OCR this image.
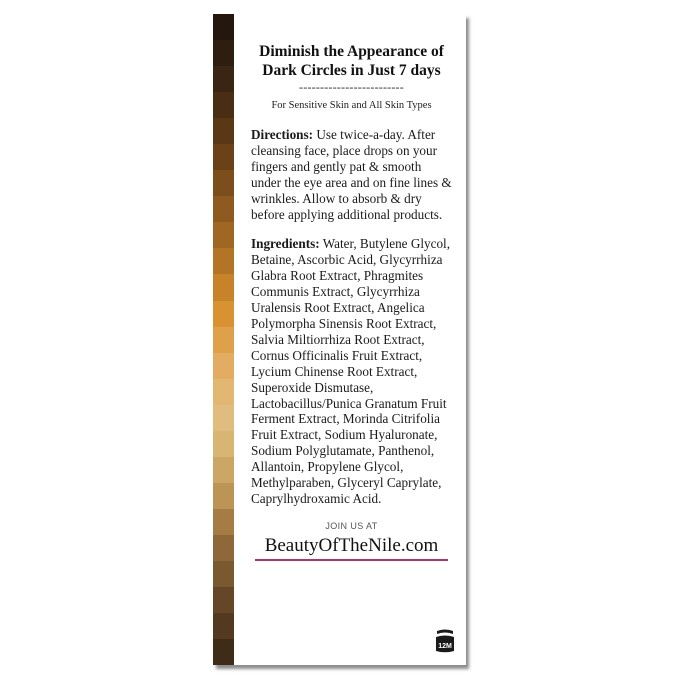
Diminish the Appearance of
Dark Circles in Just 7 days
-------------------------
For Sensitive Skin and All Skin Types
Directions: Use twice-a-day. After cleansing face, place drops on your fingers and gently pat & smooth under the eye area and on fine lines & wrinkles. Allow to absorb & dry before applying additional products.
Ingredients: Water, Butylene Glycol, Betaine, Ascorbic Acid, Glycyrrhiza Glabra Root Extract, Phragmites Communis Extract, Glycyrrhiza Uralensis Root Extract, Angelica Polymorpha Sinensis Root Extract, Salvia Miltiorrhiza Root Extract, Cornus Officinalis Fruit Extract, Lycium Chinense Root Extract, Superoxide Dismutase, Lactobacillus/Punica Granatum Fruit Ferment Extract, Morinda Citrifolia Fruit Extract, Sodium Hyaluronate, Sodium Polyglutamate, Panthenol, Allantoin, Propylene Glycol, Methylparaben, Glyceryl Caprylate, Caprylhydroxamic Acid.
JOIN US AT
BeautyOfTheNile.com
12M
